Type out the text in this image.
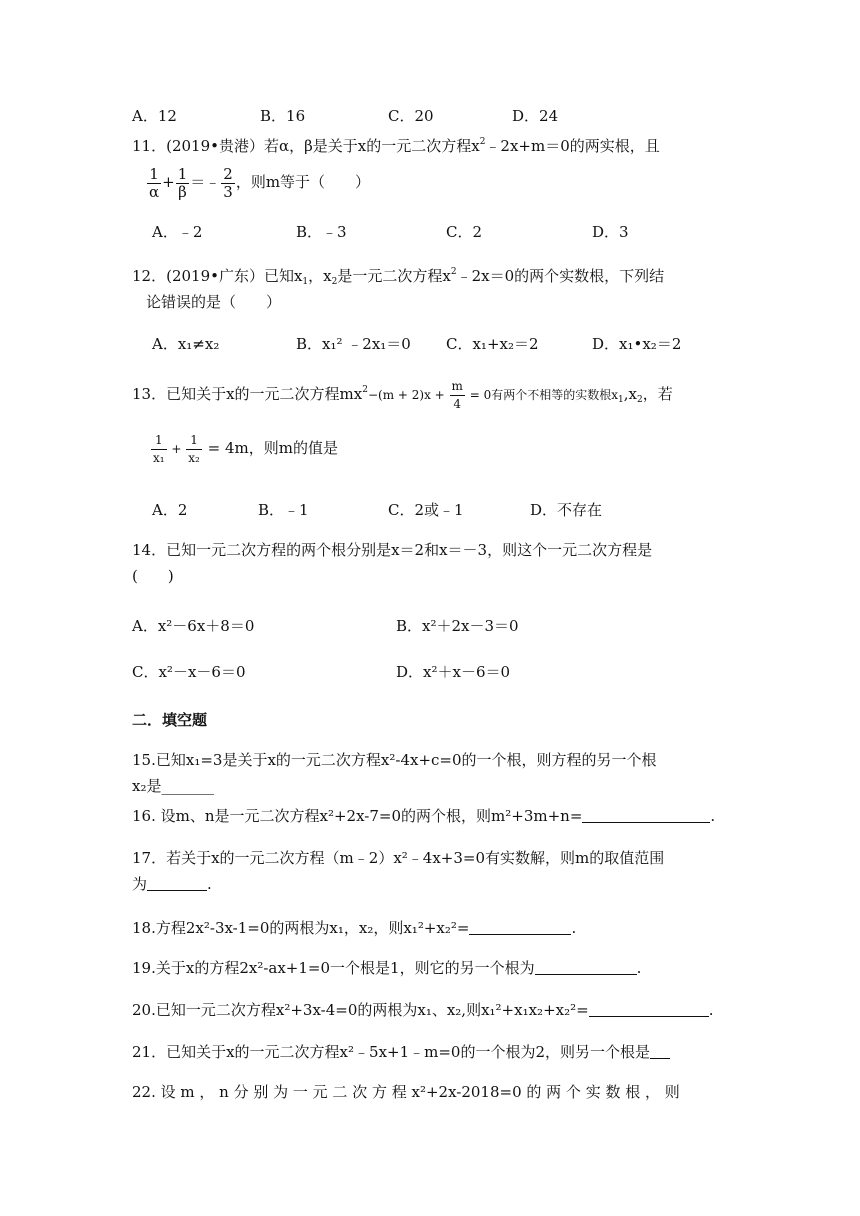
A．12	B．16	C．20	D．24
11．(2019•贵港）若α，β是关于x的一元二次方程$x^2﹣2x+m=0$的两实根，且
$\frac{1}{\alpha} + \frac{1}{\beta}$ ＝﹣ $\frac{2}{3}$ ，则m等于（　　）
A．﹣2	B．﹣3	C．2	D．3
12．(2019•广东）已知$x_1$，$x_2$是一元二次方程$x^2﹣2x=0$的两个实数根，下列结
论错误的是（　　）
A．x₁≠x₂	B．x₁² ﹣2x₁＝0 C．x₁+x₂＝2	D．x₁•x₂＝2
13．已知关于x的一元二次方程$mx^2-(m + 2)x + \frac{m}{4} = 0$有两个不相等的实数根$x_1,x_2$，若
$\frac{1}{\text{x₁}} + \frac{1}{\text{x₂}} = 4m$，则m的值是
A．2	B．﹣1	C．2或﹣1	D．不存在
14．已知一元二次方程的两个根分别是x＝2和x＝－3，则这个一元二次方程是
(　　)
A．x²－6x＋8＝0	B．x²＋2x－3＝0
C．x²－x－6＝0	D．x²＋x－6＝0
二．填空题
15.已知x₁=3是关于x的一元二次方程x²-4x+c=0的一个根，则方程的另一个根
x₂是_______
16. 设m、n是一元二次方程x²+2x-7=0的两个根，则m²+3m+n=	.
17．若关于x的一元二次方程（m﹣2）x²﹣4x+3=0有实数解，则m的取值范围
为	.
18.方程2x²-3x-1=0的两根为x₁，x₂，则x₁²+x₂²=	.
19.关于x的方程2x²-ax+1=0一个根是1，则它的另一个根为	.
20.已知一元二次方程x²+3x-4=0的两根为x₁、x₂,则x₁²+x₁x₂+x₂²=	.
21．已知关于x的一元二次方程x²﹣5x+1﹣m=0的一个根为2，则另一个根是
22. 设 m ， n 分 别 为 一 元 二 次 方 程 x²+2x-2018=0 的 两 个 实 数 根 ， 则
